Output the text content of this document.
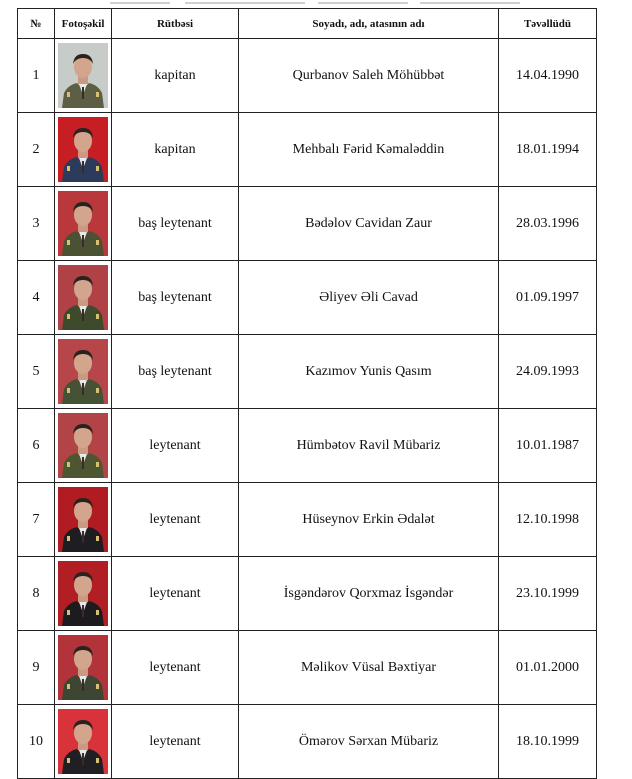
№	Fotoşəkil	Rütbəsi	Soyadı, adı, atasının adı	Təvəllüdü
1		kapitan	Qurbanov Saleh Möhübbət	14.04.1990
2		kapitan	Mehbalı Fərid Kəmaləddin	18.01.1994
3		baş leytenant	Bədəlov Cavidan Zaur	28.03.1996
4		baş leytenant	Əliyev Əli Cavad	01.09.1997
5		baş leytenant	Kazımov Yunis Qasım	24.09.1993
6		leytenant	Hümbətov Ravil Mübariz	10.01.1987
7		leytenant	Hüseynov Erkin Ədalət	12.10.1998
8		leytenant	İsgəndərov Qorxmaz İsgəndər	23.10.1999
9		leytenant	Məlikov Vüsal Bəxtiyar	01.01.2000
10		leytenant	Ömərov Sərxan Mübariz	18.10.1999
